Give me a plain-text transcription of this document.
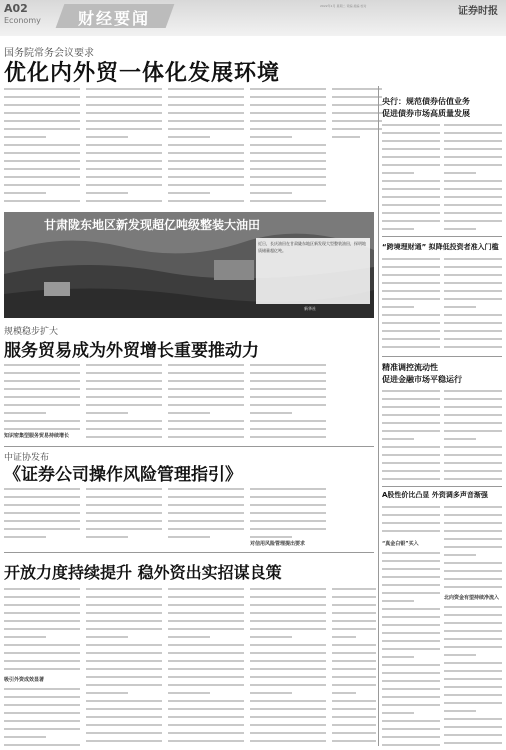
A02
Economy 财经要闻
2022年1月 星期二 责编 美编 校对	证券时报
国务院常务会议要求
优化内外贸一体化发展环境
甘肃陇东地区新发现超亿吨级整装大油田
近日，长庆油田在甘肃陇东地区新发现大型整装油田，探明地质储量超亿吨。
新华社
规模稳步扩大
服务贸易成为外贸增长重要推动力
知识密集型服务贸易持续增长
中证协发布
《证券公司操作风险管理指引》
对信用风险管理提出要求
开放力度持续提升 稳外资出实招谋良策
吸引外资成效显著
央行：规范债券估值业务
促进债券市场高质量发展
“跨境理财通” 拟降低投资者准入门槛
精准调控流动性
促进金融市场平稳运行
A股性价比凸显 外资调多声音渐强
“真金白银”买入
北向资金有望持续净流入
